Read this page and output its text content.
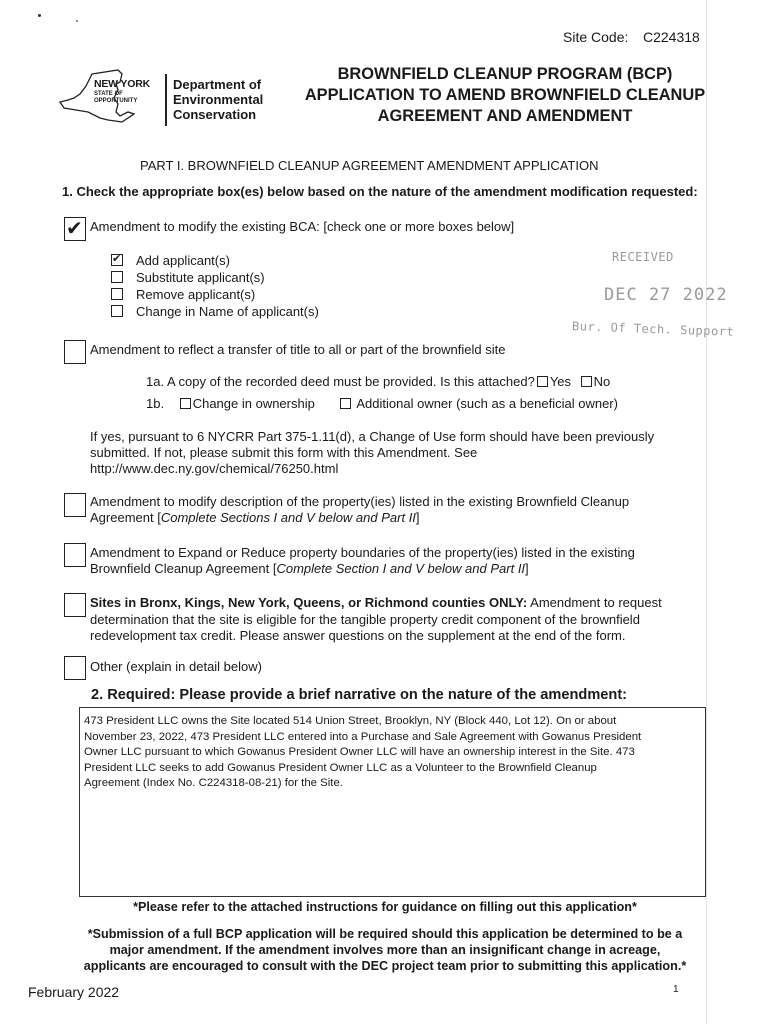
Site Code: C224318
NEW YORK
STATE OF
OPPORTUNITY
Department of
Environmental
Conservation
BROWNFIELD CLEANUP PROGRAM (BCP)
APPLICATION TO AMEND BROWNFIELD CLEANUP
AGREEMENT AND AMENDMENT
PART I. BROWNFIELD CLEANUP AGREEMENT AMENDMENT APPLICATION
1. Check the appropriate box(es) below based on the nature of the amendment modification requested:
✔ Amendment to modify the existing BCA: [check one or more boxes below]
✔ Add applicant(s)
Substitute applicant(s)
Remove applicant(s)
Change in Name of applicant(s)
RECEIVED
DEC 27 2022
Bur. Of Tech. Support
Amendment to reflect a transfer of title to all or part of the brownfield site
1a. A copy of the recorded deed must be provided. Is this attached? Yes No
1b. Change in ownership	Additional owner (such as a beneficial owner)
If yes, pursuant to 6 NYCRR Part 375-1.11(d), a Change of Use form should have been previously
submitted. If not, please submit this form with this Amendment. See
http://www.dec.ny.gov/chemical/76250.html
Amendment to modify description of the property(ies) listed in the existing Brownfield Cleanup
Agreement [Complete Sections I and V below and Part II]
Amendment to Expand or Reduce property boundaries of the property(ies) listed in the existing
Brownfield Cleanup Agreement [Complete Section I and V below and Part II]
Sites in Bronx, Kings, New York, Queens, or Richmond counties ONLY: Amendment to request
determination that the site is eligible for the tangible property credit component of the brownfield
redevelopment tax credit. Please answer questions on the supplement at the end of the form.
Other (explain in detail below)
2. Required: Please provide a brief narrative on the nature of the amendment:
473 President LLC owns the Site located 514 Union Street, Brooklyn, NY (Block 440, Lot 12). On or about
November 23, 2022, 473 President LLC entered into a Purchase and Sale Agreement with Gowanus President
Owner LLC pursuant to which Gowanus President Owner LLC will have an ownership interest in the Site. 473
President LLC seeks to add Gowanus President Owner LLC as a Volunteer to the Brownfield Cleanup
Agreement (Index No. C224318-08-21) for the Site.
*Please refer to the attached instructions for guidance on filling out this application*
*Submission of a full BCP application will be required should this application be determined to be a
major amendment. If the amendment involves more than an insignificant change in acreage,
applicants are encouraged to consult with the DEC project team prior to submitting this application.*
February 2022	1
